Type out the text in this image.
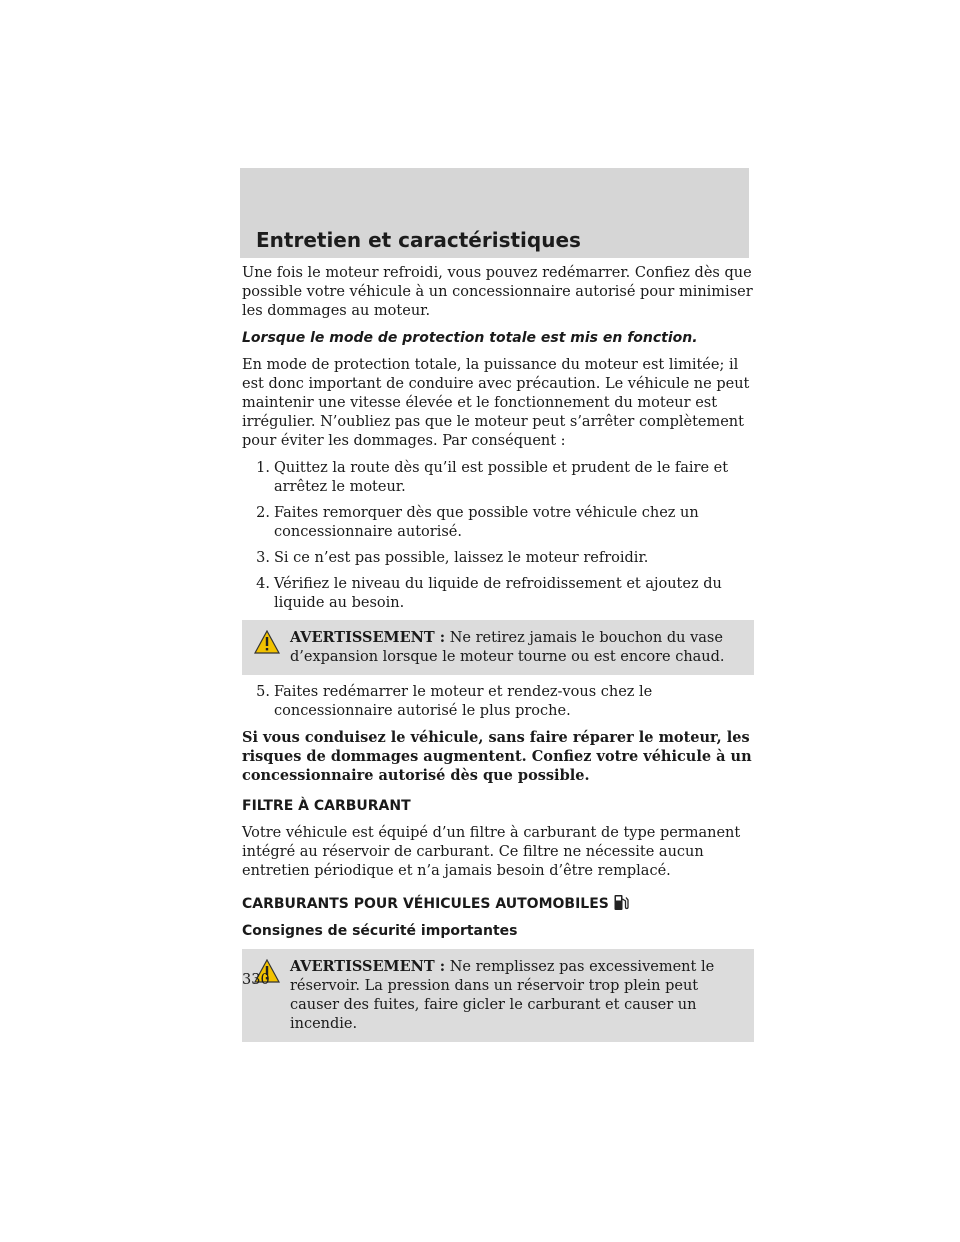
Entretien et caractéristiques

Une fois le moteur refroidi, vous pouvez redémarrer. Confiez dès que possible votre véhicule à un concessionnaire autorisé pour minimiser les dommages au moteur.

Lorsque le mode de protection totale est mis en fonction.

En mode de protection totale, la puissance du moteur est limitée; il est donc important de conduire avec précaution. Le véhicule ne peut maintenir une vitesse élevée et le fonctionnement du moteur est irrégulier. N’oubliez pas que le moteur peut s’arrêter complètement pour éviter les dommages. Par conséquent :

1. Quittez la route dès qu’il est possible et prudent de le faire et arrêtez le moteur.
2. Faites remorquer dès que possible votre véhicule chez un concessionnaire autorisé.
3. Si ce n’est pas possible, laissez le moteur refroidir.
4. Vérifiez le niveau du liquide de refroidissement et ajoutez du liquide au besoin.
AVERTISSEMENT : Ne retirez jamais le bouchon du vase d’expansion lorsque le moteur tourne ou est encore chaud.
5. Faites redémarrer le moteur et rendez-vous chez le concessionnaire autorisé le plus proche.

Si vous conduisez le véhicule, sans faire réparer le moteur, les risques de dommages augmentent. Confiez votre véhicule à un concessionnaire autorisé dès que possible.

FILTRE À CARBURANT

Votre véhicule est équipé d’un filtre à carburant de type permanent intégré au réservoir de carburant. Ce filtre ne nécessite aucun entretien périodique et n’a jamais besoin d’être remplacé.

CARBURANTS POUR VÉHICULES AUTOMOBILES

Consignes de sécurité importantes

AVERTISSEMENT : Ne remplissez pas excessivement le réservoir. La pression dans un réservoir trop plein peut causer des fuites, faire gicler le carburant et causer un incendie.
330
